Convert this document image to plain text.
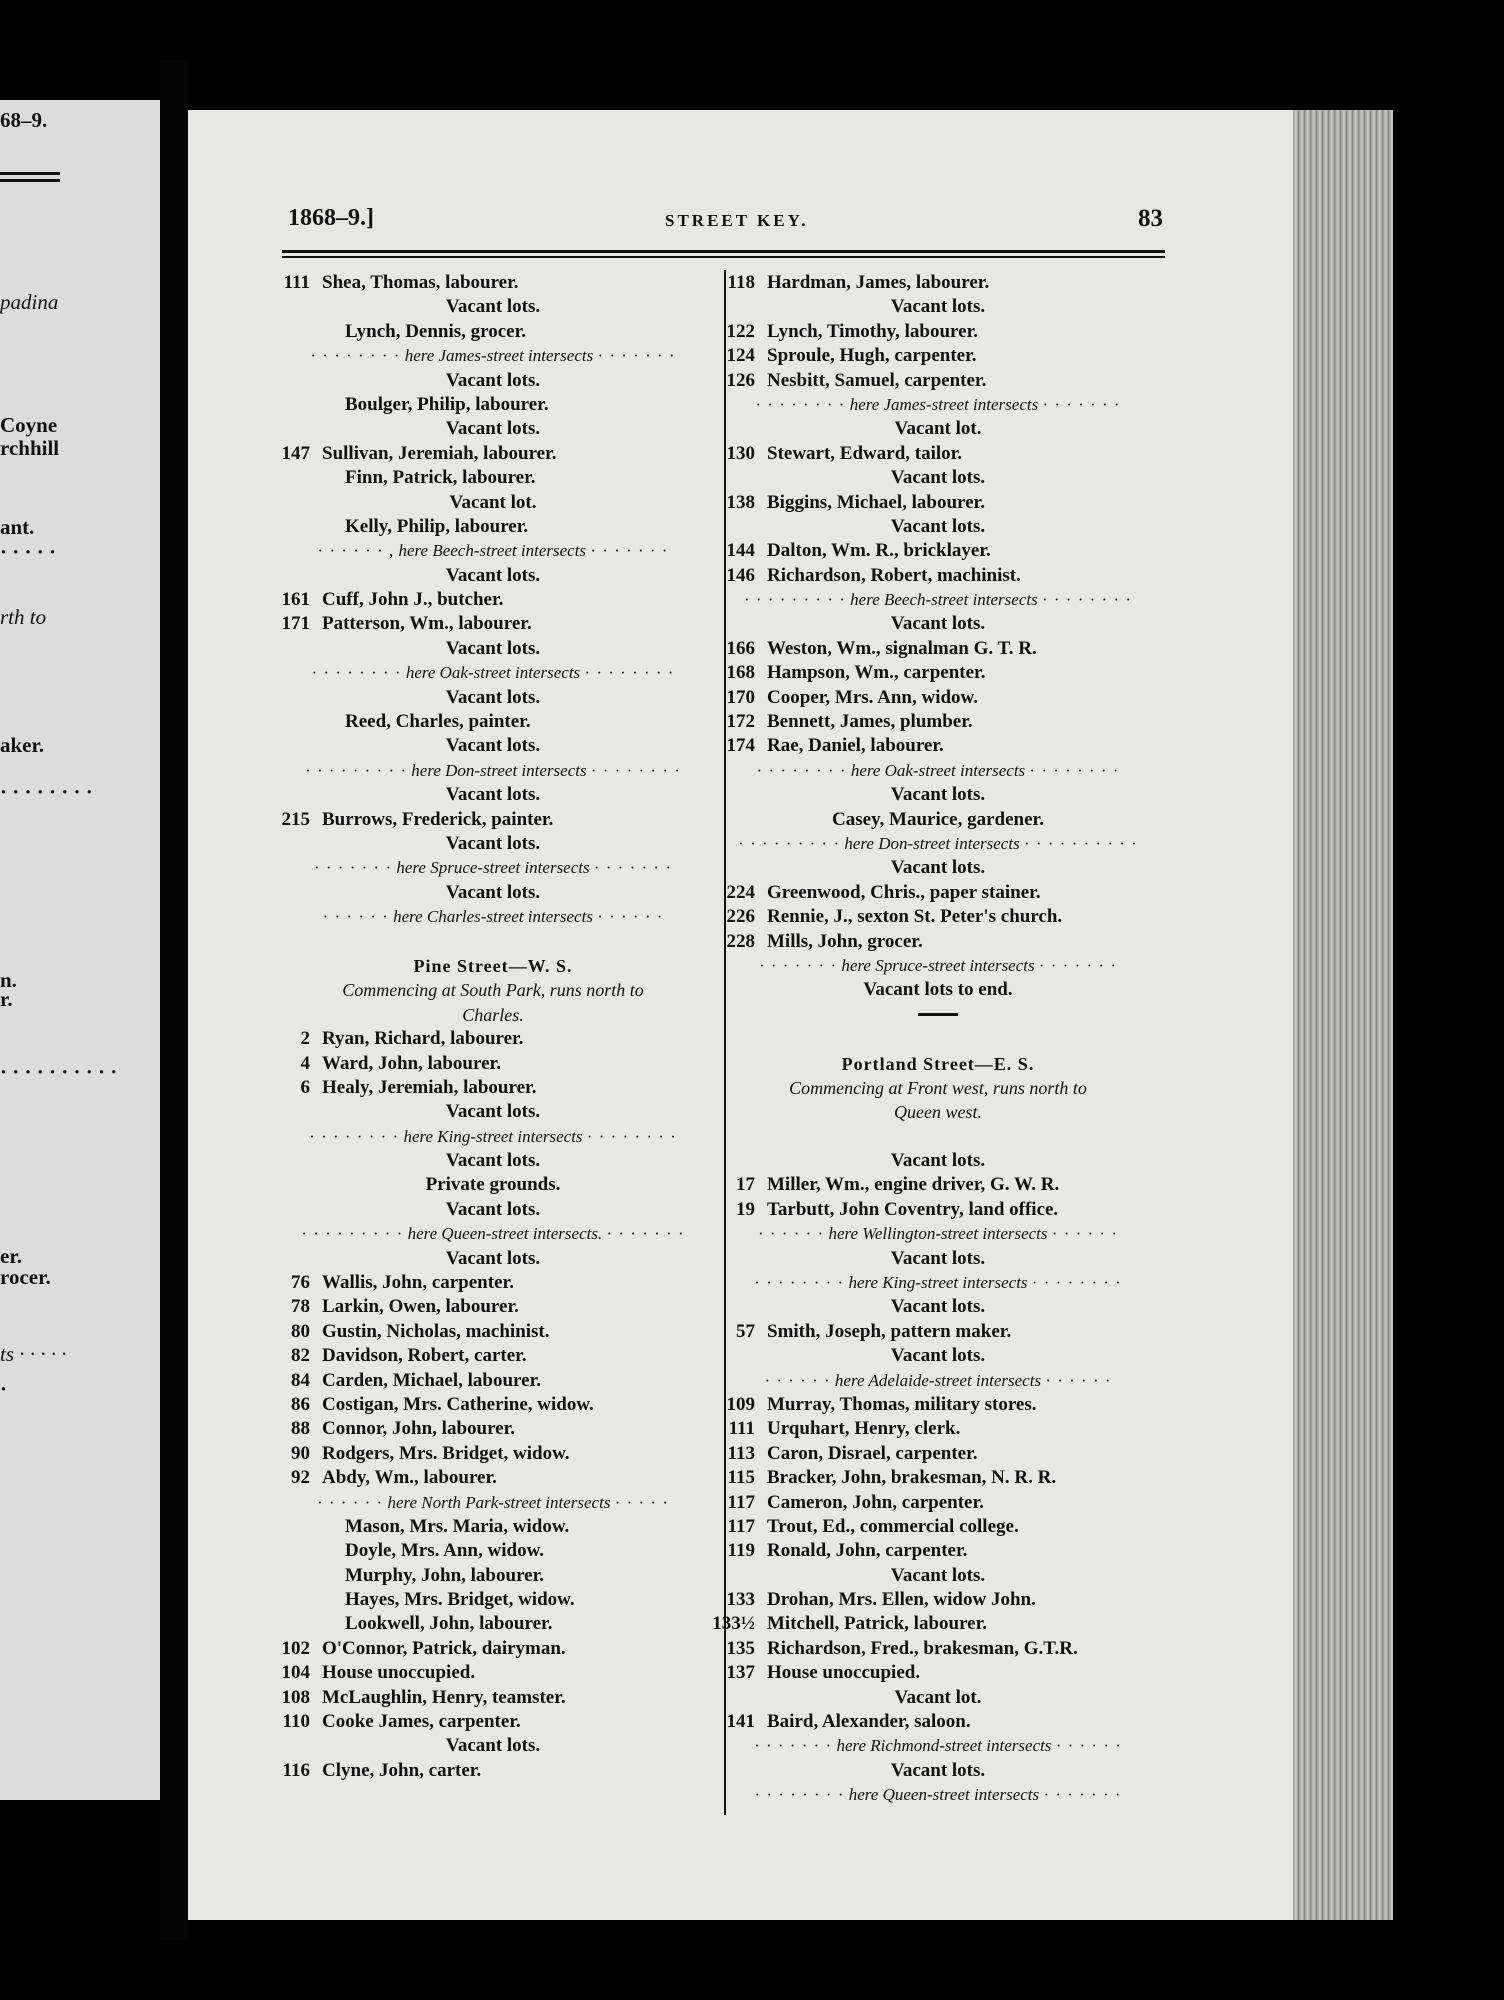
68–9.
padina
Coyne
rchhill
ant.
· · · · ·
rth to
aker.
· · · · · · · ·
n.
r.
· · · · · · · · · ·
er.
rocer.
ts · · · · ·
·
1868–9.]	STREET KEY.	83
111 Shea, Thomas, labourer.
Vacant lots.
Lynch, Dennis, grocer.
· · · · · · · · here James-street intersects · · · · · · ·
Vacant lots.
Boulger, Philip, labourer.
Vacant lots.
147 Sullivan, Jeremiah, labourer.
Finn, Patrick, labourer.
Vacant lot.
Kelly, Philip, labourer.
· · · · · · , here Beech-street intersects · · · · · · ·
Vacant lots.
161 Cuff, John J., butcher.
171 Patterson, Wm., labourer.
Vacant lots.
· · · · · · · · here Oak-street intersects · · · · · · · ·
Vacant lots.
Reed, Charles, painter.
Vacant lots.
· · · · · · · · · here Don-street intersects · · · · · · · ·
Vacant lots.
215 Burrows, Frederick, painter.
Vacant lots.
· · · · · · · here Spruce-street intersects · · · · · · ·
Vacant lots.
· · · · · · here Charles-street intersects · · · · · ·
Pine Street—W. S.
Commencing at South Park, runs north to
Charles.
2 Ryan, Richard, labourer.
4 Ward, John, labourer.
6 Healy, Jeremiah, labourer.
Vacant lots.
· · · · · · · · here King-street intersects · · · · · · · ·
Vacant lots.
Private grounds.
Vacant lots.
· · · · · · · · · here Queen-street intersects. · · · · · · ·
Vacant lots.
76 Wallis, John, carpenter.
78 Larkin, Owen, labourer.
80 Gustin, Nicholas, machinist.
82 Davidson, Robert, carter.
84 Carden, Michael, labourer.
86 Costigan, Mrs. Catherine, widow.
88 Connor, John, labourer.
90 Rodgers, Mrs. Bridget, widow.
92 Abdy, Wm., labourer.
· · · · · · here North Park-street intersects · · · · ·
Mason, Mrs. Maria, widow.
Doyle, Mrs. Ann, widow.
Murphy, John, labourer.
Hayes, Mrs. Bridget, widow.
Lookwell, John, labourer.
102 O'Connor, Patrick, dairyman.
104 House unoccupied.
108 McLaughlin, Henry, teamster.
110 Cooke James, carpenter.
Vacant lots.
116 Clyne, John, carter.
118 Hardman, James, labourer.
Vacant lots.
122 Lynch, Timothy, labourer.
124 Sproule, Hugh, carpenter.
126 Nesbitt, Samuel, carpenter.
· · · · · · · · here James-street intersects · · · · · · ·
Vacant lot.
130 Stewart, Edward, tailor.
Vacant lots.
138 Biggins, Michael, labourer.
Vacant lots.
144 Dalton, Wm. R., bricklayer.
146 Richardson, Robert, machinist.
· · · · · · · · · here Beech-street intersects · · · · · · · ·
Vacant lots.
166 Weston, Wm., signalman G. T. R.
168 Hampson, Wm., carpenter.
170 Cooper, Mrs. Ann, widow.
172 Bennett, James, plumber.
174 Rae, Daniel, labourer.
· · · · · · · · here Oak-street intersects · · · · · · · ·
Vacant lots.
Casey, Maurice, gardener.
· · · · · · · · · here Don-street intersects · · · · · · · · · ·
Vacant lots.
224 Greenwood, Chris., paper stainer.
226 Rennie, J., sexton St. Peter's church.
228 Mills, John, grocer.
· · · · · · · here Spruce-street intersects · · · · · · ·
Vacant lots to end.
Portland Street—E. S.
Commencing at Front west, runs north to
Queen west.
Vacant lots.
17 Miller, Wm., engine driver, G. W. R.
19 Tarbutt, John Coventry, land office.
· · · · · · here Wellington-street intersects · · · · · ·
Vacant lots.
· · · · · · · · here King-street intersects · · · · · · · ·
Vacant lots.
57 Smith, Joseph, pattern maker.
Vacant lots.
· · · · · · here Adelaide-street intersects · · · · · ·
109 Murray, Thomas, military stores.
111 Urquhart, Henry, clerk.
113 Caron, Disrael, carpenter.
115 Bracker, John, brakesman, N. R. R.
117 Cameron, John, carpenter.
117 Trout, Ed., commercial college.
119 Ronald, John, carpenter.
Vacant lots.
133 Drohan, Mrs. Ellen, widow John.
133½ Mitchell, Patrick, labourer.
135 Richardson, Fred., brakesman, G.T.R.
137 House unoccupied.
Vacant lot.
141 Baird, Alexander, saloon.
· · · · · · · here Richmond-street intersects · · · · · ·
Vacant lots.
· · · · · · · · here Queen-street intersects · · · · · · ·
